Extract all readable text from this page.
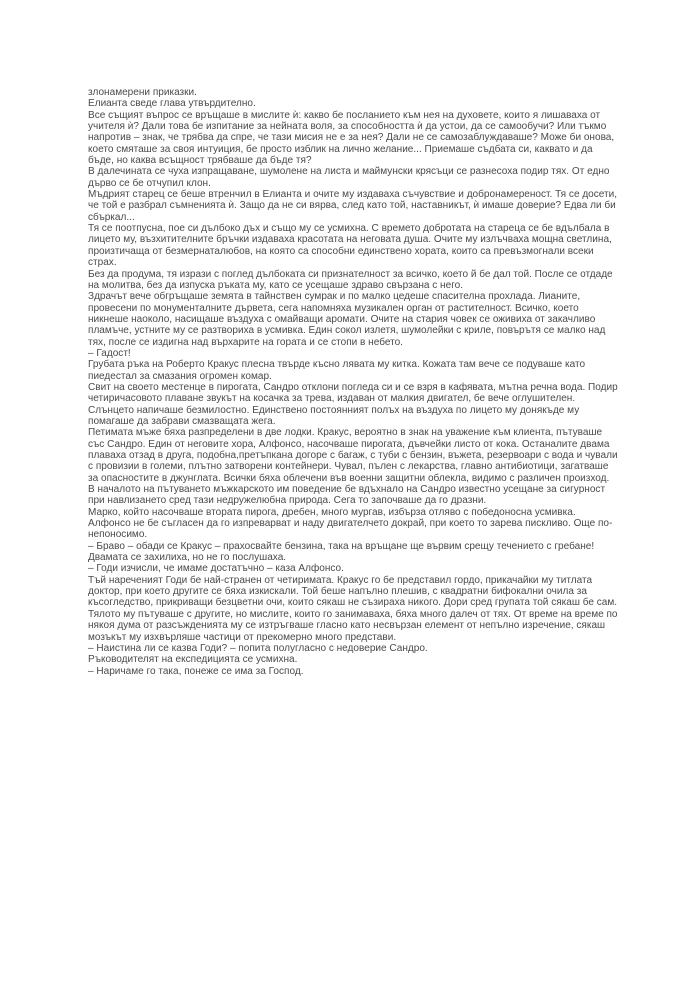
злонамерени приказки.

Елианта сведе глава утвърдително.

Все същият въпрос се връщаше в мислите ѝ: какво бе посланието към нея на духовете, които я лишаваха от учителя ѝ? Дали това бе изпитание за нейната воля, за способността ѝ да устои, да се самообучи? Или тъкмо напротив – знак, че трябва да спре, че тази мисия не е за нея? Дали не се самозаблуждаваше? Може би онова, което смяташе за своя интуиция, бе просто изблик на лично желание... Приемаше съдбата си, каквато и да бъде, но каква всъщност трябваше да бъде тя?

В далечината се чуха изпращаване, шумолене на листа и маймунски крясъци се разнесоха подир тях. От едно дърво се бе отчупил клон.

Мъдрият старец се беше втренчил в Елианта и очите му издаваха съчувствие и добронамереност. Тя се досети, че той е разбрал съмненията ѝ. Защо да не си вярва, след като той, наставникът, ѝ имаше доверие? Едва ли би сбъркал...

Тя се поотпусна, пое си дълбоко дъх и също му се усмихна. С времето добротата на стареца се бе вдълбала в лицето му, възхитителните бръчки издаваха красотата на неговата душа. Очите му излъчваха мощна светлина, произтичаща от безмернаталюбов, на която са способни единствено хората, които са превъзмогнали всеки страх.

Без да продума, тя изрази с поглед дълбоката си признателност за всичко, което й бе дал той. После се отдаде на молитва, без да изпуска ръката му, като се усещаше здраво свързана с него.

Здрачът вече обгръщаше земята в тайнствен сумрак и по малко цедеше спасителна прохлада. Лианите, провесени по монументалните дървета, сега напомняха музикален орган от растителност. Всичко, което никнеше наоколо, насищаше въздуха с омайващи аромати. Очите на стария човек се оживиха от закачливо пламъче, устните му се разтвориха в усмивка. Един сокол излетя, шумолейки с криле, повърътя се малко над тях, после се издигна над върхарите на гората и се стопи в небето.

– Гадост!

Грубата ръка на Роберто Кракус плесна твърде късно лявата му китка. Кожата там вече се подуваше като пиедестал за смазания огромен комар.

Свит на своето местенце в пирогата, Сандро отклони погледа си и се взря в кафявата, мътна речна вода. Подир четиричасовото плаване звукът на косачка за трева, издаван от малкия двигател, бе вече оглушителен. Слънцето напичаше безмилостно. Единствено постоянният полъх на въздуха по лицето му донякъде му помагаше да забрави смазващата жега.

Петимата мъже бяха разпределени в две лодки. Кракус, вероятно в знак на уважение към клиента, пътуваше със Сандро. Един от неговите хора, Алфонсо, насочваше пирогата, дъвчейки листо от кока. Останалите двама плаваха отзад в друга, подобна,претъпкана догоре с багаж, с туби с бензин, въжета, резервоари с вода и чували с провизии в големи, плътно затворени контейнери. Чувал, пълен с лекарства, главно антибиотици, загатваше за опасностите в джунглата. Всички бяха облечени във военни защитни облекла, видимо с различен произход.

В началото на пътуването мъжкарското им поведение бе вдъхнало на Сандро известно усещане за сигурност при навлизането сред тази недружелюбна природа. Сега то започваше да го дразни.

Марко, който насочваше втората пирога, дребен, много мургав, избърза отляво с победоносна усмивка. Алфонсо не бе съгласен да го изпреварват и наду двигателчето докрай, при което то зарева пискливо. Още по-непоносимо.

– Браво – обади се Кракус – прахосвайте бензина, така на връщане ще вървим срещу течението с гребане!

Двамата се захилиха, но не го послушаха.

– Годи изчисли, че имаме достатъчно – каза Алфонсо.

Тъй наречeният Годи бе най-странен от четиримата. Кракус го бе представил гордо, прикачайки му титлата доктор, при което другите се бяха изкискали. Той беше напълно плешив, с квадратни бифокални очила за късогледство, прикриващи безцветни очи, които сякаш не съзираха никого. Дори сред групата той сякаш бе сам. Тялото му пътуваше с другите, но мислите, които го занимаваха, бяха много далеч от тях. От време на време по някоя дума от разсъжденията му се изтръгваше гласно като несвързан елемент от непълно изречение, сякаш мозъкът му изхвърляше частици от прекомерно много представи.

– Наистина ли се казва Годи? – попита полугласно с недоверие Сандро.

Ръководителят на експедицията се усмихна.

– Наричаме го така, понеже се има за Господ.
